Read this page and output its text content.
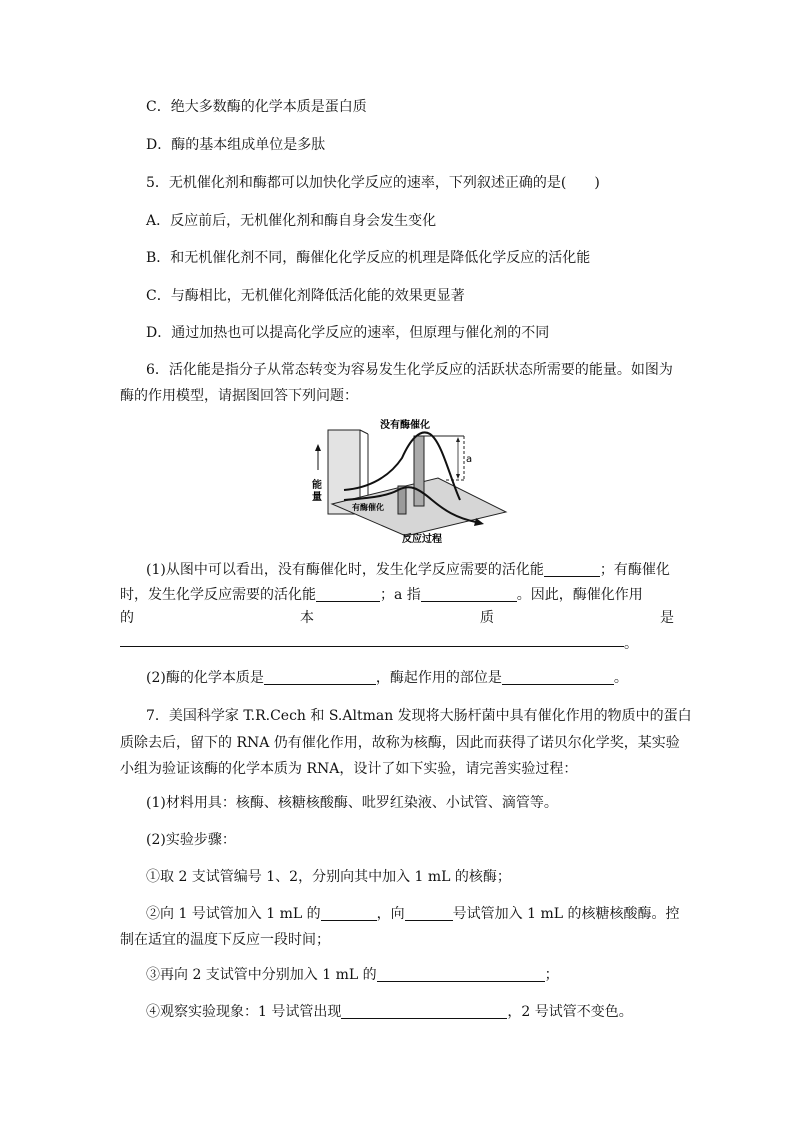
C．绝大多数酶的化学本质是蛋白质
D．酶的基本组成单位是多肽
5．无机催化剂和酶都可以加快化学反应的速率，下列叙述正确的是(　　)
A．反应前后，无机催化剂和酶自身会发生变化
B．和无机催化剂不同，酶催化化学反应的机理是降低化学反应的活化能
C．与酶相比，无机催化剂降低活化能的效果更显著
D．通过加热也可以提高化学反应的速率，但原理与催化剂的不同
6．活化能是指分子从常态转变为容易发生化学反应的活跃状态所需要的能量。如图为
酶的作用模型，请据图回答下列问题：
没有酶催化
a
能
量
有酶催化
反应过程
(1)从图中可以看出，没有酶催化时，发生化学反应需要的活化能	；有酶催化
时，发生化学反应需要的活化能	；a 指	。因此，酶催化作用
的	本	质	是
。
(2)酶的化学本质是	，酶起作用的部位是	。
7．美国科学家 T.R.Cech 和 S.Altman 发现将大肠杆菌中具有催化作用的物质中的蛋白
质除去后，留下的 RNA 仍有催化作用，故称为核酶，因此而获得了诺贝尔化学奖，某实验
小组为验证该酶的化学本质为 RNA，设计了如下实验，请完善实验过程：
(1)材料用具：核酶、核糖核酸酶、吡罗红染液、小试管、滴管等。
(2)实验步骤：
①取 2 支试管编号 1、2，分别向其中加入 1 mL 的核酶；
②向 1 号试管加入 1 mL 的	，向	号试管加入 1 mL 的核糖核酸酶。控
制在适宜的温度下反应一段时间；
③再向 2 支试管中分别加入 1 mL 的	；
④观察实验现象：1 号试管出现	，2 号试管不变色。
